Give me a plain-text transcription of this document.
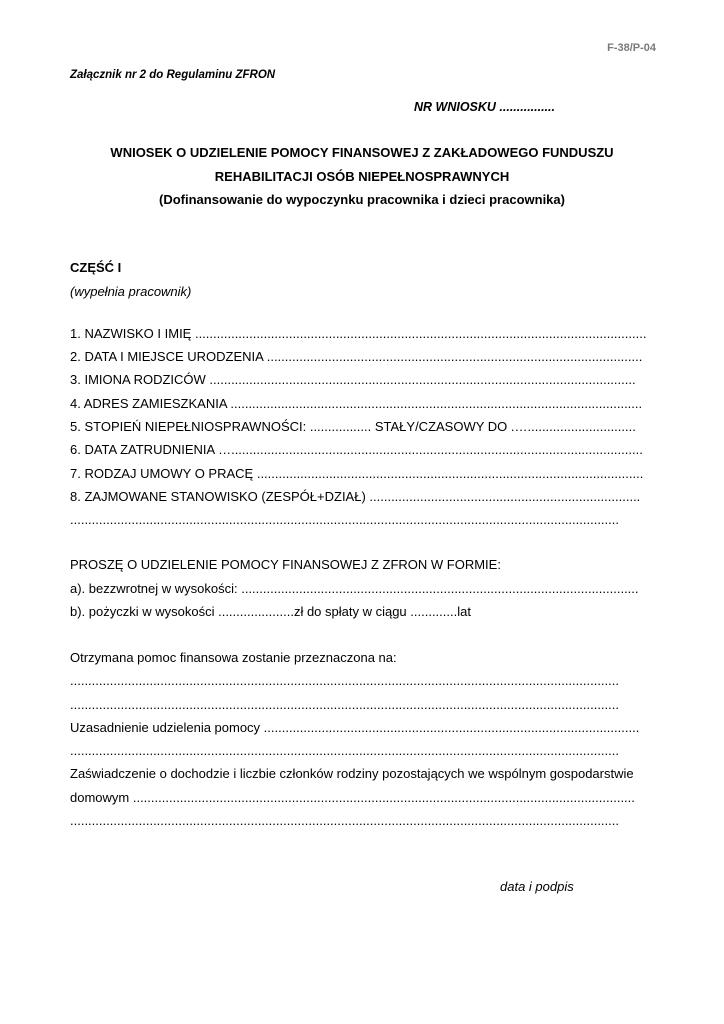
F-38/P-04
Załącznik nr 2 do Regulaminu ZFRON
NR WNIOSKU ................
WNIOSEK O UDZIELENIE POMOCY FINANSOWEJ Z ZAKŁADOWEGO FUNDUSZU
REHABILITACJI OSÓB NIEPEŁNOSPRAWNYCH
(Dofinansowanie do wypoczynku pracownika i dzieci pracownika)
CZĘŚĆ I
(wypełnia pracownik)
1. NAZWISKO I IMIĘ .............................................................................................................................
2. DATA I MIEJSCE URODZENIA ........................................................................................................
3. IMIONA RODZICÓW ......................................................................................................................
4. ADRES ZAMIESZKANIA ..................................................................................................................
5. STOPIEŃ NIEPEŁNIOSPRAWNOŚCI: ................. STAŁY/CZASOWY DO .…..............................
6. DATA ZATRUDNIENIA …..................................................................................................................
7. RODZAJ UMOWY O PRACĘ ...........................................................................................................
8. ZAJMOWANE STANOWISKO (ZESPÓŁ+DZIAŁ) ...........................................................................
........................................................................................................................................................
PROSZĘ O UDZIELENIE POMOCY FINANSOWEJ Z ZFRON W FORMIE:
a). bezzwrotnej w wysokości: ..............................................................................................................
b). pożyczki w wysokości .....................zł do spłaty w ciągu .............lat
Otrzymana pomoc finansowa zostanie przeznaczona na:
........................................................................................................................................................
........................................................................................................................................................
Uzasadnienie udzielenia pomocy ........................................................................................................
........................................................................................................................................................
Zaświadczenie o dochodzie i liczbie członków rodziny pozostających we wspólnym gospodarstwie
domowym ...........................................................................................................................................
........................................................................................................................................................
data i podpis
